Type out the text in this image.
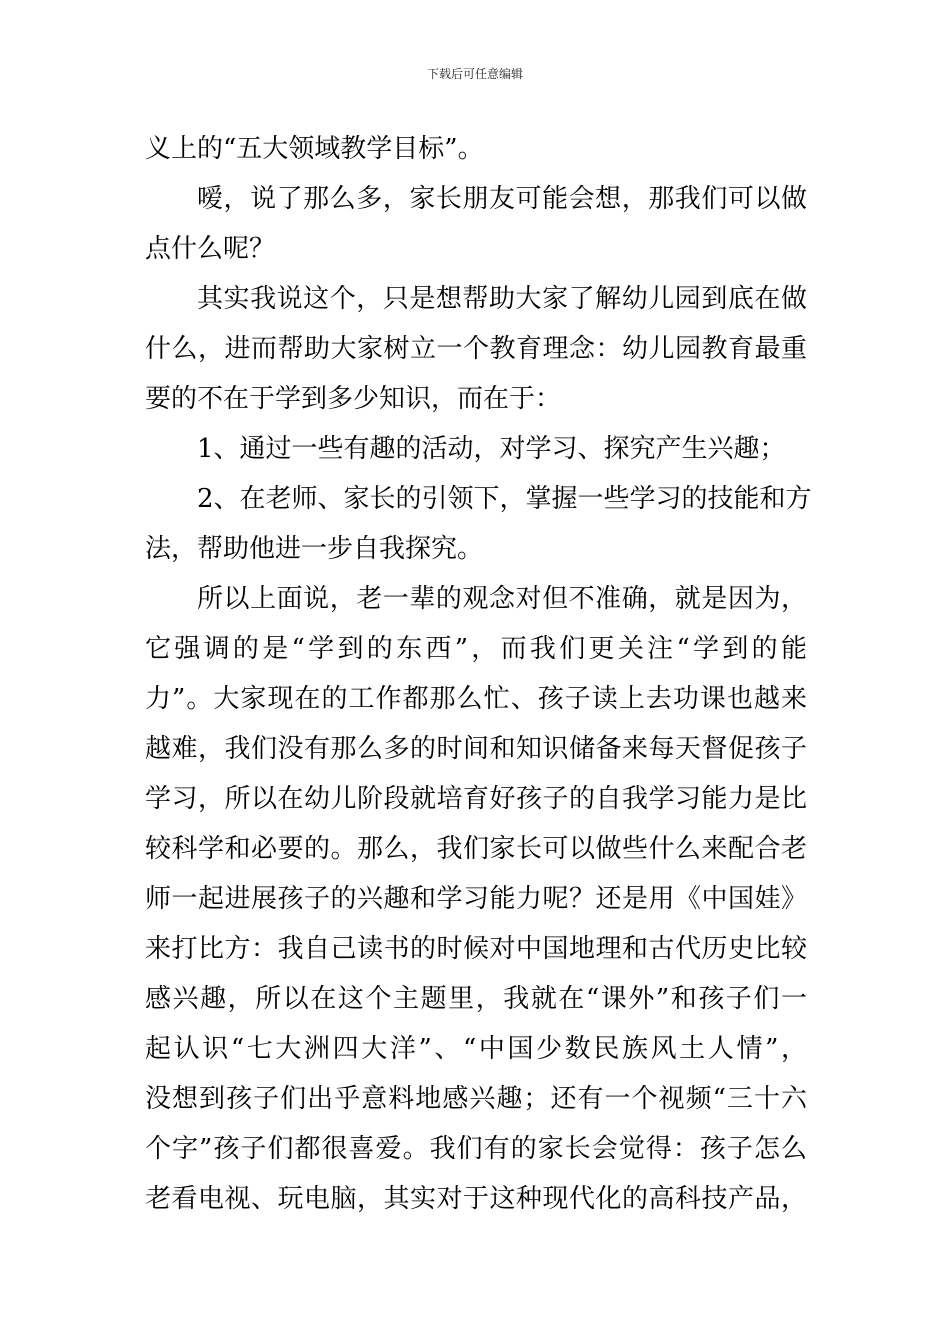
下载后可任意编辑
义上的“五大领域教学目标”。
嗳，说了那么多，家长朋友可能会想，那我们可以做
点什么呢？
其实我说这个，只是想帮助大家了解幼儿园到底在做
什么，进而帮助大家树立一个教育理念：幼儿园教育最重
要的不在于学到多少知识，而在于：
1、通过一些有趣的活动，对学习、探究产生兴趣；
2、在老师、家长的引领下，掌握一些学习的技能和方
法，帮助他进一步自我探究。
所以上面说，老一辈的观念对但不准确，就是因为，
它强调的是“学到的东西”，而我们更关注“学到的能
力”。大家现在的工作都那么忙、孩子读上去功课也越来
越难，我们没有那么多的时间和知识储备来每天督促孩子
学习，所以在幼儿阶段就培育好孩子的自我学习能力是比
较科学和必要的。那么，我们家长可以做些什么来配合老
师一起进展孩子的兴趣和学习能力呢？还是用《中国娃》
来打比方：我自己读书的时候对中国地理和古代历史比较
感兴趣，所以在这个主题里，我就在“课外”和孩子们一
起认识“七大洲四大洋”、“中国少数民族风土人情”，
没想到孩子们出乎意料地感兴趣；还有一个视频“三十六
个字”孩子们都很喜爱。我们有的家长会觉得：孩子怎么
老看电视、玩电脑，其实对于这种现代化的高科技产品，
